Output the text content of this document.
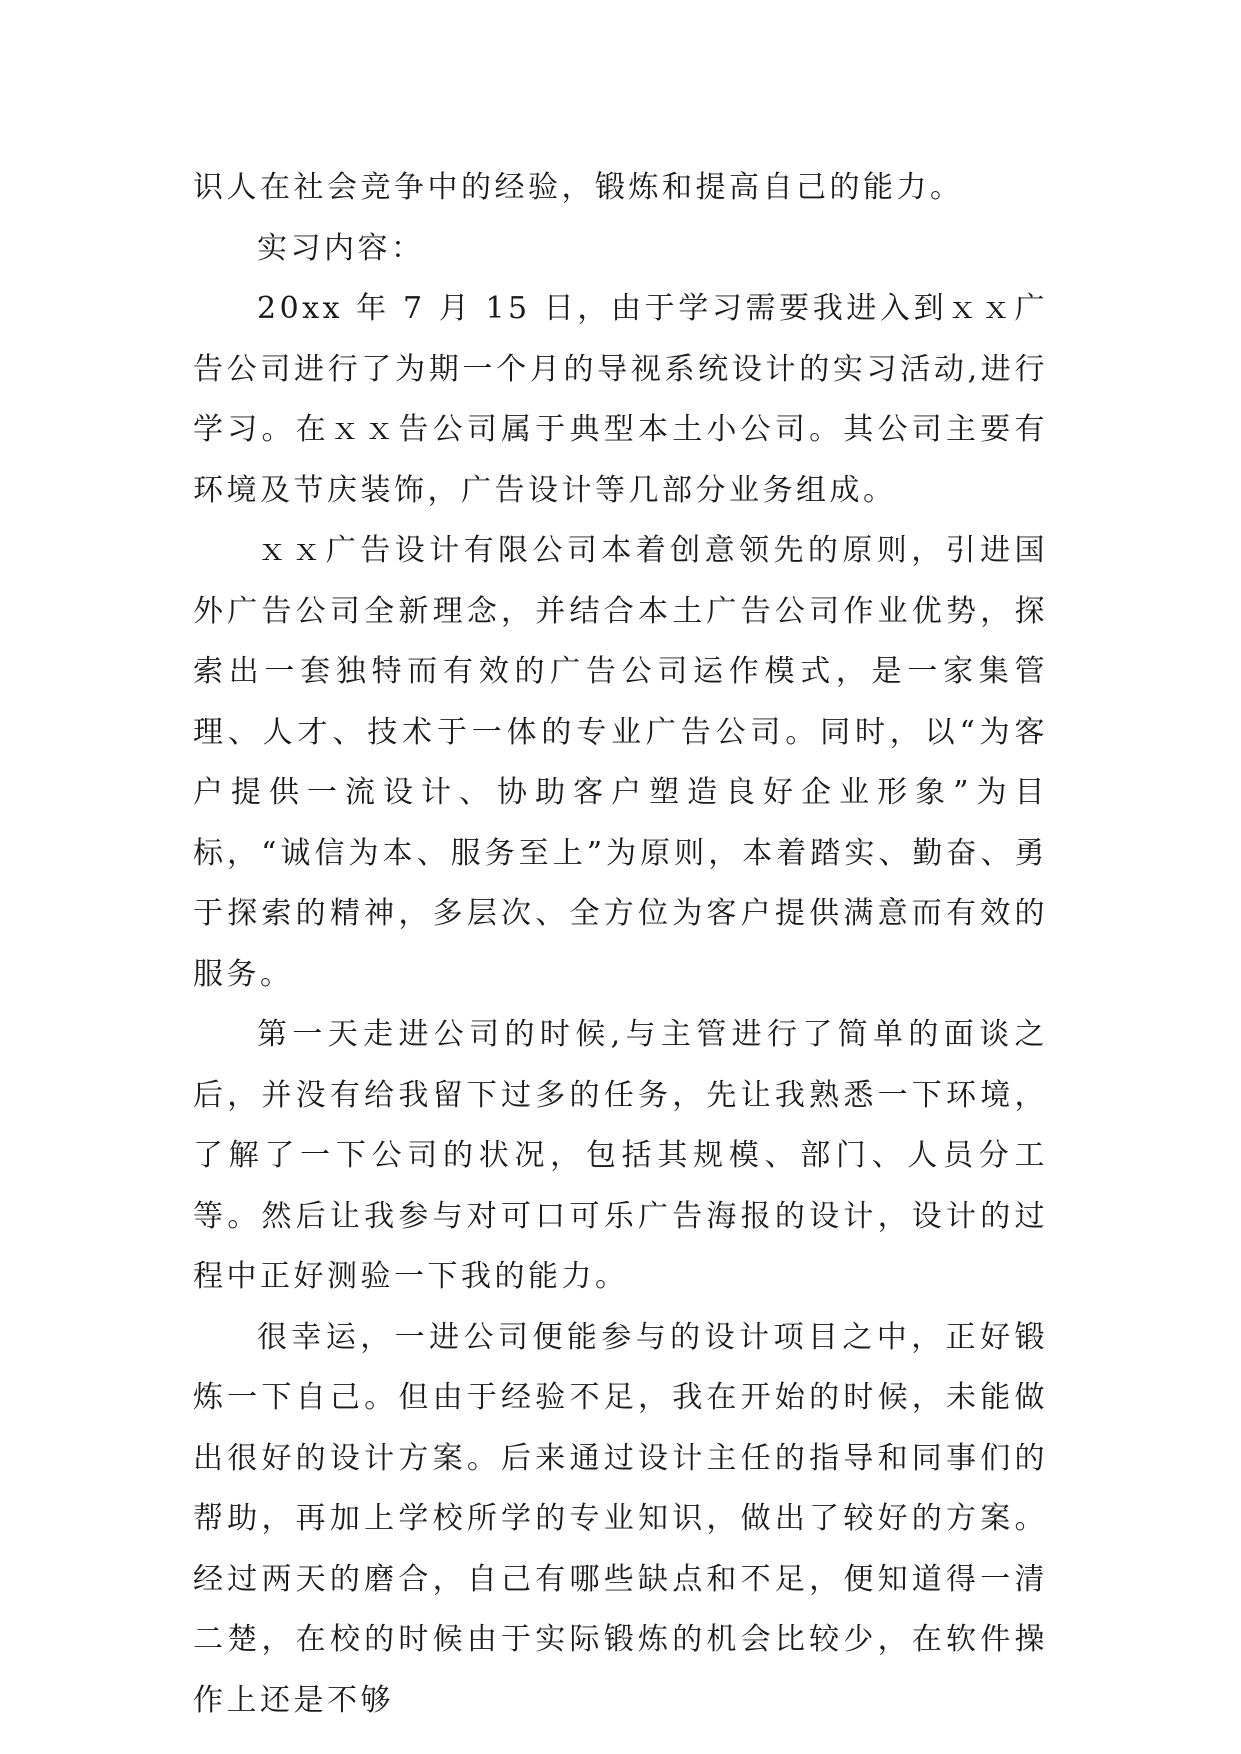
识人在社会竞争中的经验，锻炼和提高自己的能力。

实习内容：

20xx 年 7 月 15 日，由于学习需要我进入到ｘｘ广告公司进行了为期一个月的导视系统设计的实习活动,进行学习。在ｘｘ告公司属于典型本土小公司。其公司主要有环境及节庆装饰，广告设计等几部分业务组成。

ｘｘ广告设计有限公司本着创意领先的原则，引进国外广告公司全新理念，并结合本土广告公司作业优势，探索出一套独特而有效的广告公司运作模式，是一家集管理、人才、技术于一体的专业广告公司。同时，以“为客户提供一流设计、协助客户塑造良好企业形象”为目标，“诚信为本、服务至上”为原则，本着踏实、勤奋、勇于探索的精神，多层次、全方位为客户提供满意而有效的服务。

第一天走进公司的时候,与主管进行了简单的面谈之后，并没有给我留下过多的任务，先让我熟悉一下环境，了解了一下公司的状况，包括其规模、部门、人员分工等。然后让我参与对可口可乐广告海报的设计，设计的过程中正好测验一下我的能力。

很幸运，一进公司便能参与的设计项目之中，正好锻炼一下自己。但由于经验不足，我在开始的时候，未能做出很好的设计方案。后来通过设计主任的指导和同事们的帮助，再加上学校所学的专业知识，做出了较好的方案。经过两天的磨合，自己有哪些缺点和不足，便知道得一清二楚，在校的时候由于实际锻炼的机会比较少，在软件操作上还是不够
